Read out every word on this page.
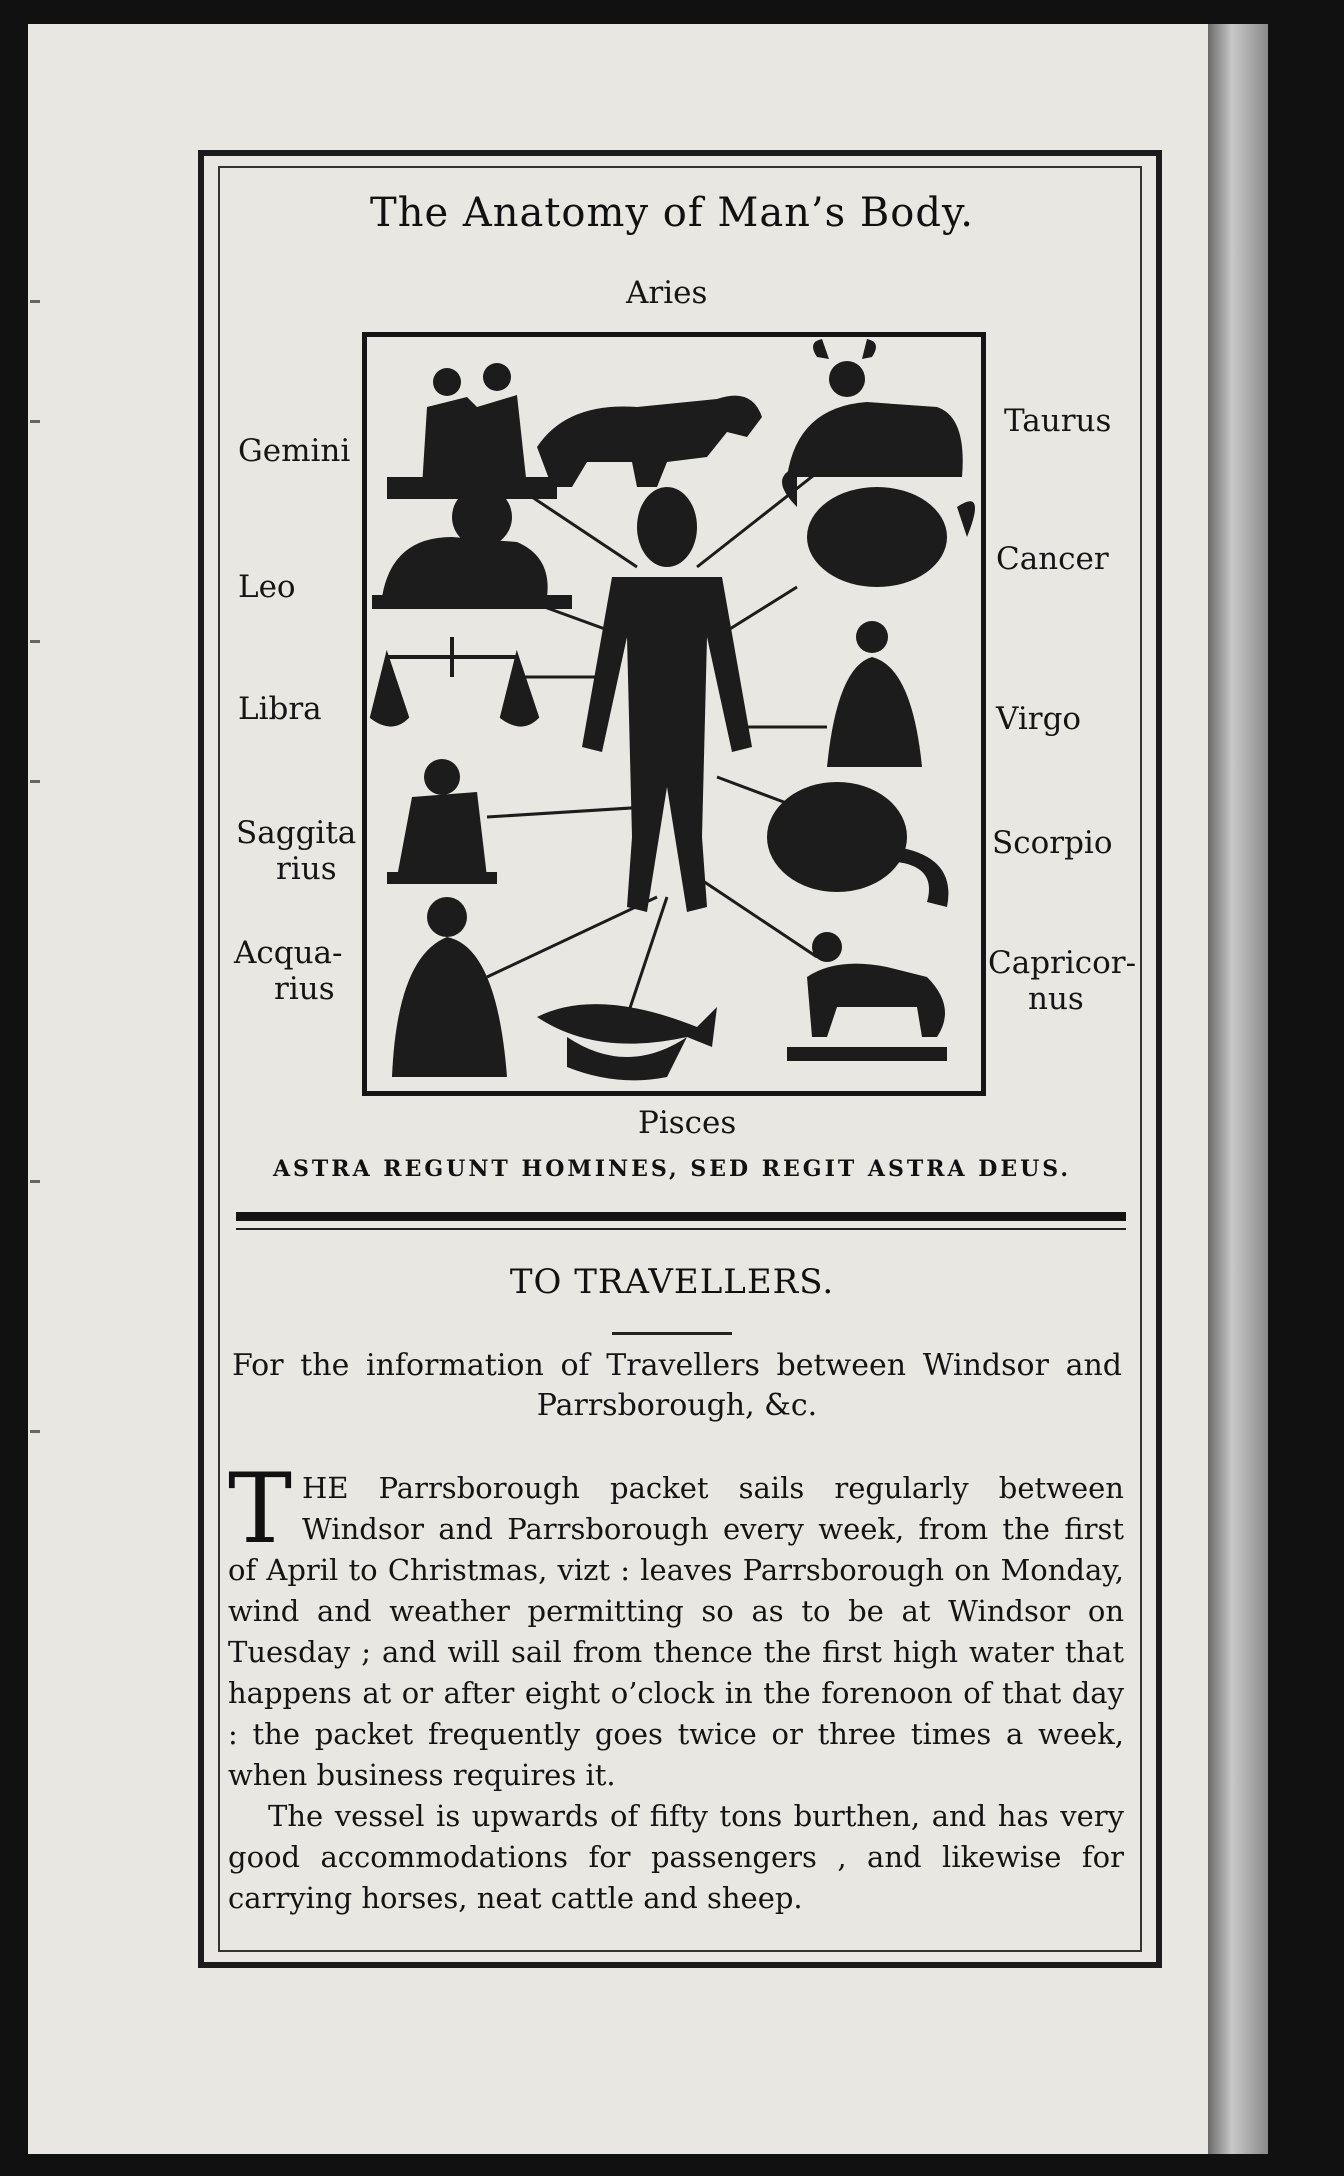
The Anatomy of Man’s Body.
Aries
Taurus
Gemini
Cancer
Leo
Virgo
Libra
Scorpio
Saggita
rius
Capricor-
nus
Acqua-
rius
Pisces
ASTRA REGUNT HOMINES, SED REGIT ASTRA DEUS.
TO TRAVELLERS.
For the information of Travellers between Windsor and Parrsborough, &c.

THE Parrsborough packet sails regularly between Windsor and Parrsborough every week, from the first of April to Christmas, vizt : leaves Parrsborough on Monday, wind and weather permitting so as to be at Windsor on Tuesday ; and will sail from thence the first high water that happens at or after eight o’clock in the forenoon of that day : the packet frequently goes twice or three times a week, when business requires it.

The vessel is upwards of fifty tons burthen, and has very good accommodations for passengers , and likewise for carrying horses, neat cattle and sheep.
